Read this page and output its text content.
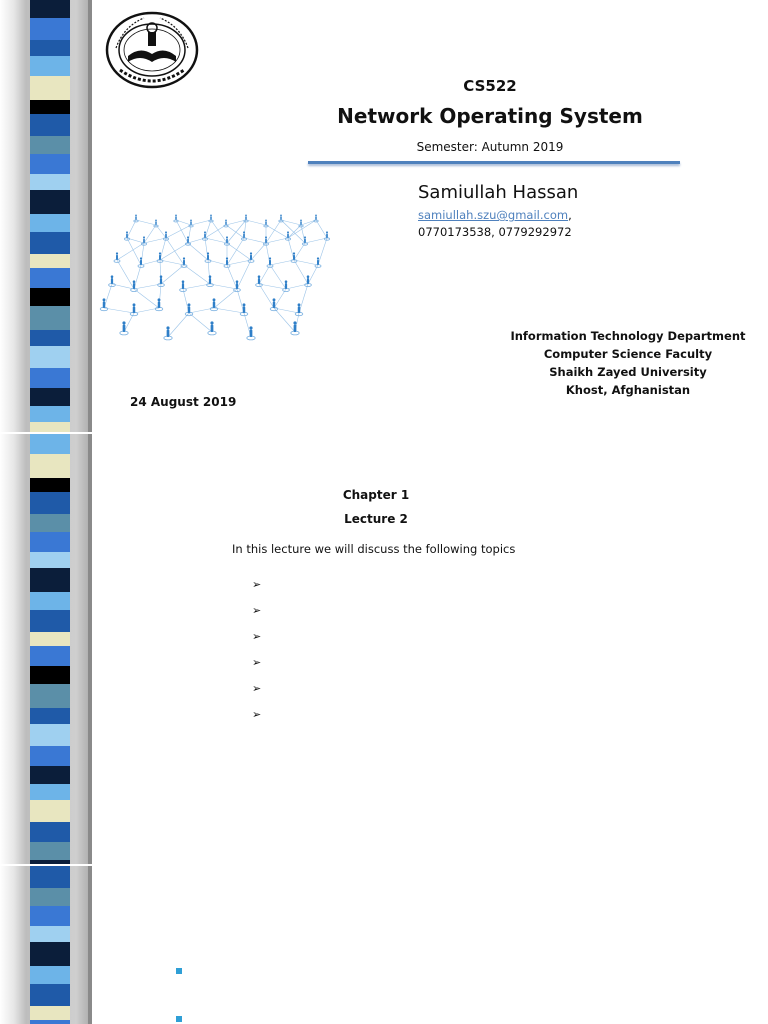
CS522
Network Operating System
Semester: Autumn 2019
Samiullah Hassan
samiullah.szu@gmail.com,
0770173538, 0779292972
Information Technology Department
Computer Science Faculty
Shaikh Zayed University
Khost, Afghanistan
24 August 2019
Chapter 1
Lecture 2
In this lecture we will discuss the following topics
➢
➢
➢
➢
➢
➢
